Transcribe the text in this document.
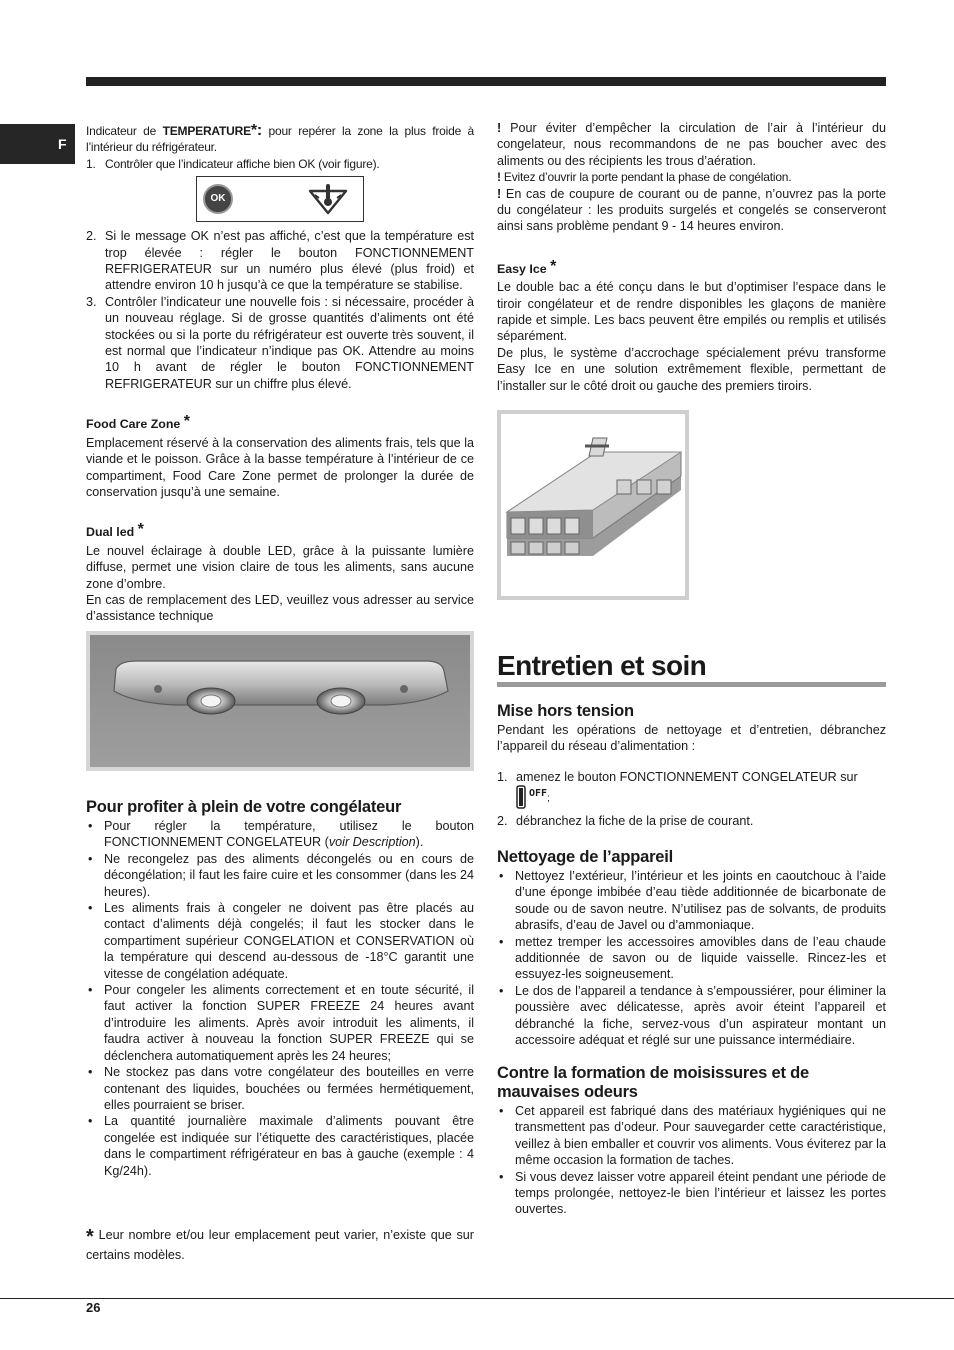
F

Indicateur de TEMPERATURE*: pour repérer la zone la plus froide à l’intérieur du réfrigérateur.

1. Contrôler que l’indicateur affiche bien OK (voir figure).
OK
2. Si le message OK n’est pas affiché, c’est que la température est trop élevée : régler le bouton FONCTIONNEMENT REFRIGERATEUR sur un numéro plus élevé (plus froid) et attendre environ 10 h jusqu’à ce que la température se stabilise.
3. Contrôler l’indicateur une nouvelle fois : si nécessaire, procéder à un nouveau réglage. Si de grosse quantités d’aliments ont été stockées ou si la porte du réfrigérateur est ouverte très souvent, il est normal que l’indicateur n’indique pas OK. Attendre au moins 10 h avant de régler le bouton FONCTIONNEMENT REFRIGERATEUR sur un chiffre plus élevé.
Food Care Zone *

Emplacement réservé à la conservation des aliments frais, tels que la viande et le poisson. Grâce à la basse température à l’intérieur de ce compartiment, Food Care Zone permet de prolonger la durée de conservation jusqu’à une semaine.

Dual led *

Le nouvel éclairage à double LED, grâce à la puissante lumière diffuse, permet une vision claire de tous les aliments, sans aucune zone d’ombre.

En cas de remplacement des LED, veuillez vous adresser au service d’assistance technique

Pour profiter à plein de votre congélateur
• Pour régler la température, utilisez le bouton FONCTIONNEMENT CONGELATEUR (voir Description).
• Ne recongelez pas des aliments décongelés ou en cours de décongélation; il faut les faire cuire et les consommer (dans les 24 heures).
• Les aliments frais à congeler ne doivent pas être placés au contact d’aliments déjà congelés; il faut les stocker dans le compartiment supérieur CONGELATION et CONSERVATION où la température qui descend au-dessous de -18°C garantit une vitesse de congélation adéquate.
• Pour congeler les aliments correctement et en toute sécurité, il faut activer la fonction SUPER FREEZE 24 heures avant d’introduire les aliments. Après avoir introduit les aliments, il faudra activer à nouveau la fonction SUPER FREEZE qui se déclenchera automatiquement après les 24 heures;
• Ne stockez pas dans votre congélateur des bouteilles en verre contenant des liquides, bouchées ou fermées hermétiquement, elles pourraient se briser.
• La quantité journalière maximale d’aliments pouvant être congelée est indiquée sur l’étiquette des caractéristiques, placée dans le compartiment réfrigérateur en bas à gauche (exemple : 4 Kg/24h).
* Leur nombre et/ou leur emplacement peut varier, n’existe que sur certains modèles.

! Pour éviter d’empêcher la circulation de l’air à l’intérieur du congelateur, nous recommandons de ne pas boucher avec des aliments ou des récipients les trous d’aération.

! Evitez d’ouvrir la porte pendant la phase de congélation.

! En cas de coupure de courant ou de panne, n’ouvrez pas la porte du congélateur : les produits surgelés et congelés se conserveront ainsi sans problème pendant 9 - 14 heures environ.

Easy Ice *

Le double bac a été conçu dans le but d’optimiser l’espace dans le tiroir congélateur et de rendre disponibles les glaçons de manière rapide et simple. Les bacs peuvent être empilés ou remplis et utilisés séparément.

De plus, le système d’accrochage spécialement prévu transforme Easy Ice en une solution extrêmement flexible, permettant de l’installer sur le côté droit ou gauche des premiers tiroirs.

Entretien et soin
Mise hors tension

Pendant les opérations de nettoyage et d’entretien, débranchez l’appareil du réseau d’alimentation :

1. amenez le bouton FONCTIONNEMENT CONGELATEUR sur
OFF ;
2. débranchez la fiche de la prise de courant.
Nettoyage de l’appareil
• Nettoyez l’extérieur, l’intérieur et les joints en caoutchouc à l’aide d’une éponge imbibée d’eau tiède additionnée de bicarbonate de soude ou de savon neutre. N’utilisez pas de solvants, de produits abrasifs, d’eau de Javel ou d’ammoniaque.
• mettez tremper les accessoires amovibles dans de l’eau chaude additionnée de savon ou de liquide vaisselle. Rincez-les et essuyez-les soigneusement.
• Le dos de l’appareil a tendance à s’empoussiérer, pour éliminer la poussière avec délicatesse, après avoir éteint l’appareil et débranché la fiche, servez-vous d’un aspirateur montant un accessoire adéquat et réglé sur une puissance intermédiaire.
Contre la formation de moisissures et de mauvaises odeurs
• Cet appareil est fabriqué dans des matériaux hygiéniques qui ne transmettent pas d’odeur. Pour sauvegarder cette caractéristique, veillez à bien emballer et couvrir vos aliments. Vous éviterez par la même occasion la formation de taches.
• Si vous devez laisser votre appareil éteint pendant une période de temps prolongée, nettoyez-le bien l’intérieur et laissez les portes ouvertes.
26
